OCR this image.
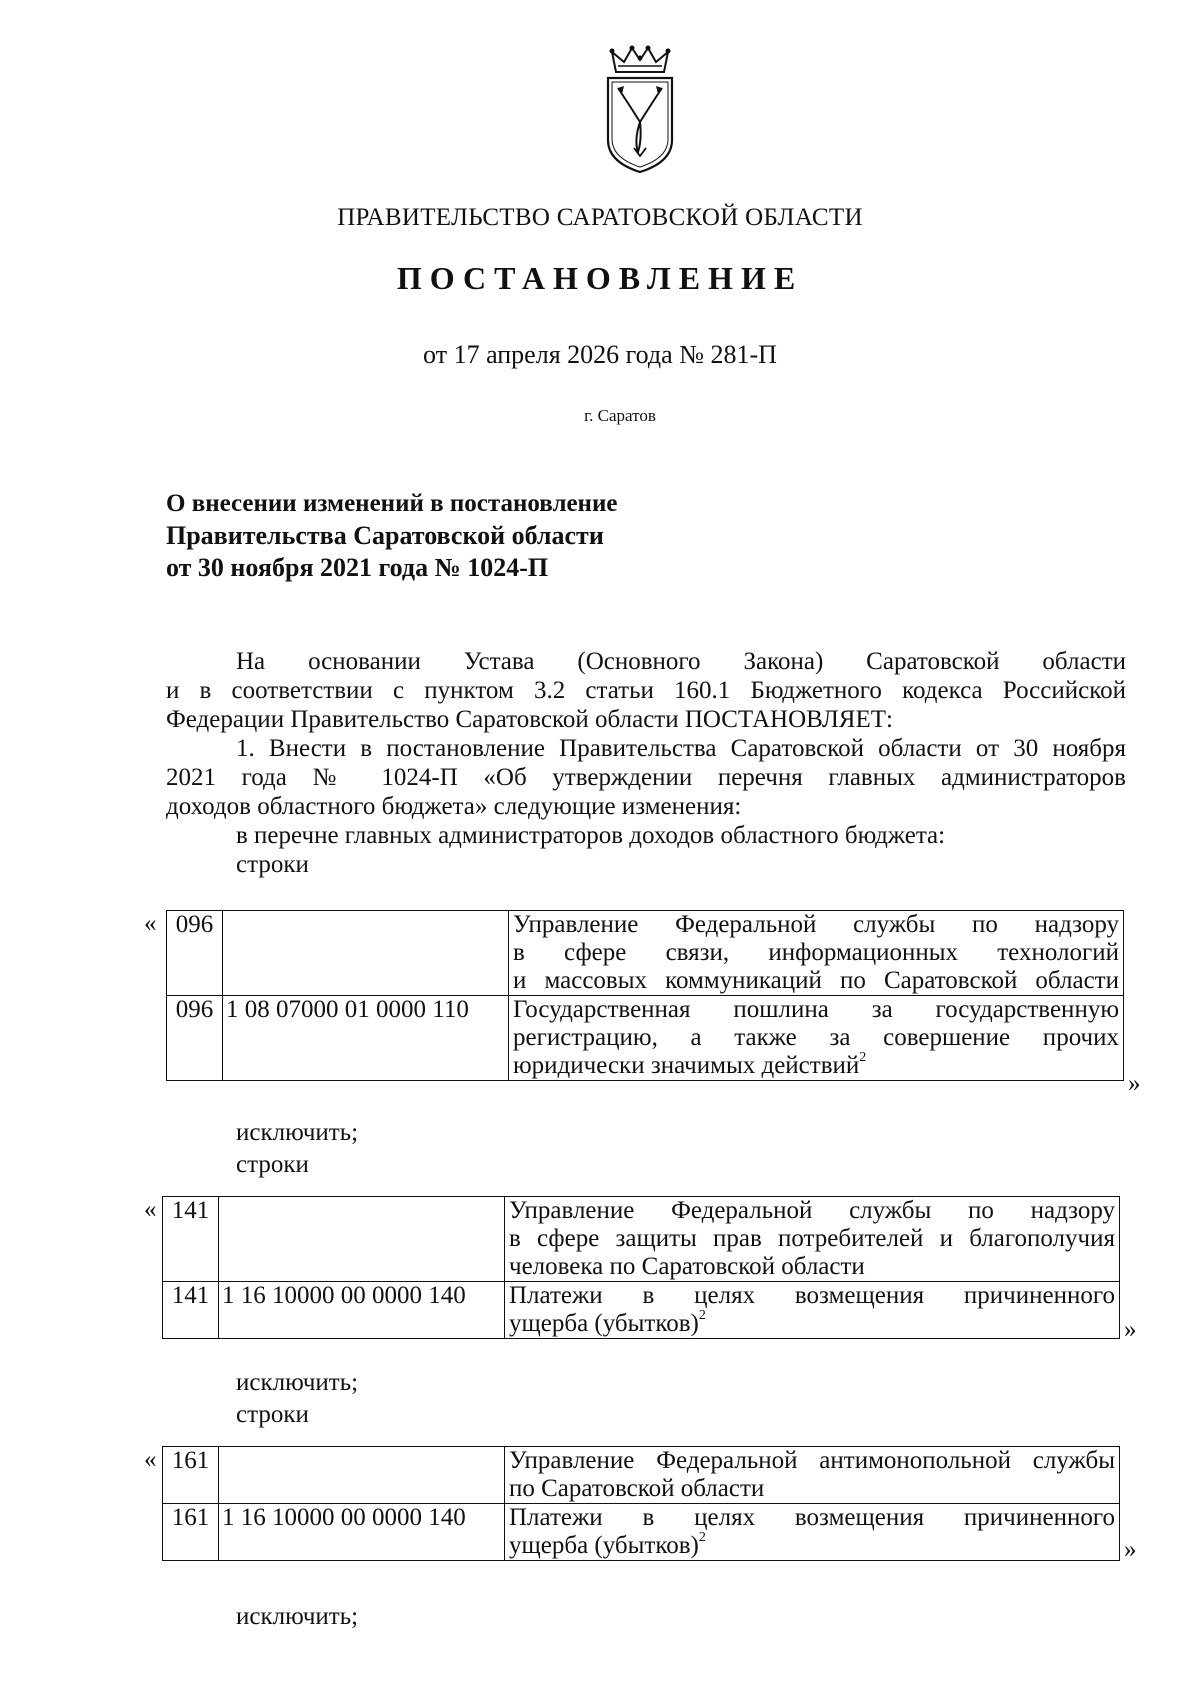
ПРАВИТЕЛЬСТВО САРАТОВСКОЙ ОБЛАСТИ
ПОСТАНОВЛЕНИЕ
от 17 апреля 2026 года № 281-П
г. Саратов
О внесении изменений в постановление
Правительства Саратовской области
от 30 ноября 2021 года № 1024-П
На основании Устава (Основного Закона) Саратовской области
и в соответствии с пунктом 3.2 статьи 160.1 Бюджетного кодекса Российской
Федерации Правительство Саратовской области ПОСТАНОВЛЯЕТ:
1. Внести в постановление Правительства Саратовской области от 30 ноября
2021 года № 1024-П «Об утверждении перечня главных администраторов
доходов областного бюджета» следующие изменения:
в перечне главных администраторов доходов областного бюджета:
строки
« 096		Управление Федеральной службы по надзору
в сфере связи, информационных технологий
и массовых коммуникаций по Саратовской области

096	1 08 07000 01 0000 110	Государственная пошлина за государственную
регистрацию, а также за совершение прочих
юридически значимых действий$^2$
»
исключить;
строки
« 141		Управление Федеральной службы по надзору
в сфере защиты прав потребителей и благополучия
человека по Саратовской области

141	1 16 10000 00 0000 140	Платежи в целях возмещения причиненного
ущерба (убытков)$^2$
»
исключить;
строки
« 161		Управление Федеральной антимонопольной службы
по Саратовской области

161	1 16 10000 00 0000 140	Платежи в целях возмещения причиненного
ущерба (убытков)$^2$	»
исключить;
